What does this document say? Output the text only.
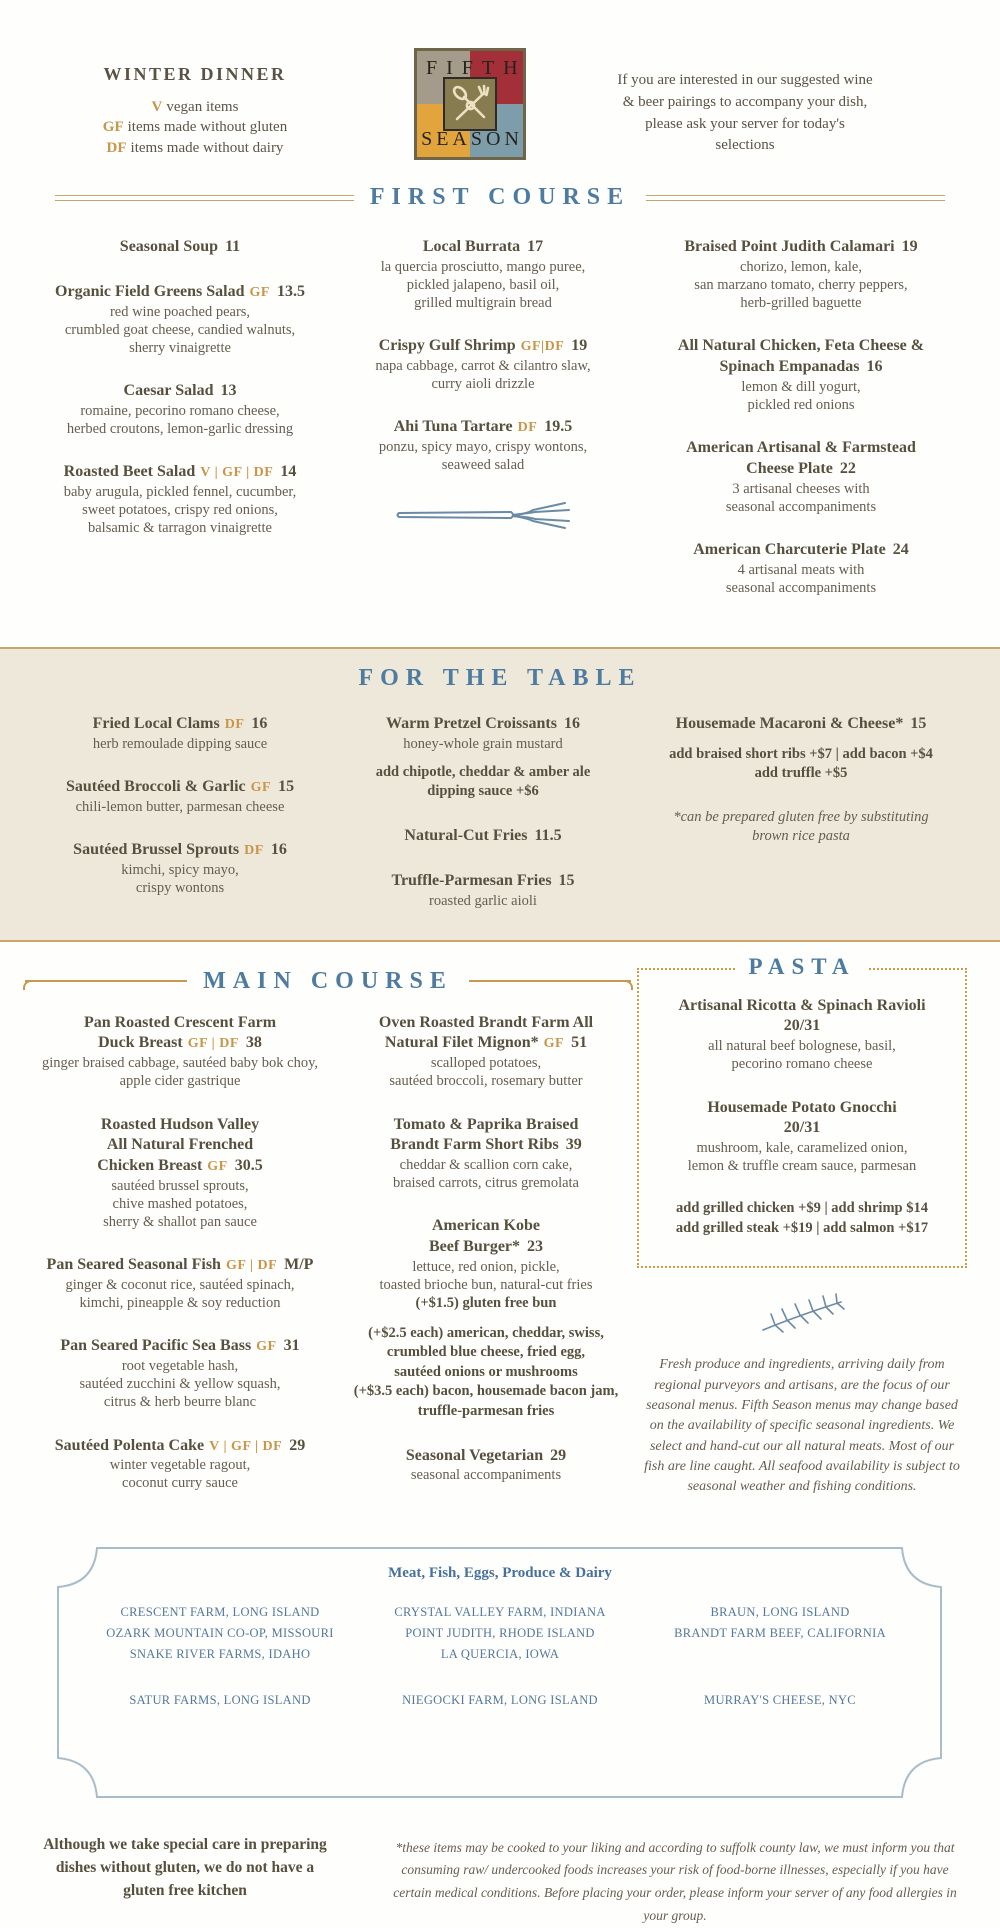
WINTER DINNER
V vegan items
GF items made without gluten
DF items made without dairy
FIFTH
SEASON
If you are interested in our suggested wine & beer pairings to accompany your dish, please ask your server for today's selections
FIRST COURSE
Seasonal Soup 11
Organic Field Greens Salad GF 13.5
red wine poached pears,
crumbled goat cheese, candied walnuts,
sherry vinaigrette
Caesar Salad 13
romaine, pecorino romano cheese,
herbed croutons, lemon-garlic dressing
Roasted Beet Salad V | GF | DF 14
baby arugula, pickled fennel, cucumber,
sweet potatoes, crispy red onions,
balsamic & tarragon vinaigrette
Local Burrata 17
la quercia prosciutto, mango puree,
pickled jalapeno, basil oil,
grilled multigrain bread
Crispy Gulf Shrimp GF|DF 19
napa cabbage, carrot & cilantro slaw,
curry aioli drizzle
Ahi Tuna Tartare DF 19.5
ponzu, spicy mayo, crispy wontons,
seaweed salad
Braised Point Judith Calamari 19
chorizo, lemon, kale,
san marzano tomato, cherry peppers,
herb-grilled baguette
All Natural Chicken, Feta Cheese &
Spinach Empanadas 16
lemon & dill yogurt,
pickled red onions
American Artisanal & Farmstead
Cheese Plate 22
3 artisanal cheeses with
seasonal accompaniments
American Charcuterie Plate 24
4 artisanal meats with
seasonal accompaniments
FOR THE TABLE
Fried Local Clams DF 16
herb remoulade dipping sauce
Sautéed Broccoli & Garlic GF 15
chili-lemon butter, parmesan cheese
Sautéed Brussel Sprouts DF 16
kimchi, spicy mayo,
crispy wontons
Warm Pretzel Croissants 16
honey-whole grain mustard
add chipotle, cheddar & amber ale
dipping sauce +$6
Natural-Cut Fries 11.5
Truffle-Parmesan Fries 15
roasted garlic aioli
Housemade Macaroni & Cheese* 15
add braised short ribs +$7 | add bacon +$4
add truffle +$5
*can be prepared gluten free by substituting
brown rice pasta
MAIN COURSE
Pan Roasted Crescent Farm
Duck Breast GF | DF 38
ginger braised cabbage, sautéed baby bok choy,
apple cider gastrique
Roasted Hudson Valley
All Natural Frenched
Chicken Breast GF 30.5
sautéed brussel sprouts,
chive mashed potatoes,
sherry & shallot pan sauce
Pan Seared Seasonal Fish GF | DF M/P
ginger & coconut rice, sautéed spinach,
kimchi, pineapple & soy reduction
Pan Seared Pacific Sea Bass GF 31
root vegetable hash,
sautéed zucchini & yellow squash,
citrus & herb beurre blanc
Sautéed Polenta Cake V | GF | DF 29
winter vegetable ragout,
coconut curry sauce
Oven Roasted Brandt Farm All
Natural Filet Mignon* GF 51
scalloped potatoes,
sautéed broccoli, rosemary butter
Tomato & Paprika Braised
Brandt Farm Short Ribs 39
cheddar & scallion corn cake,
braised carrots, citrus gremolata
American Kobe
Beef Burger* 23
lettuce, red onion, pickle,
toasted brioche bun, natural-cut fries
(+$1.5) gluten free bun
(+$2.5 each) american, cheddar, swiss,
crumbled blue cheese, fried egg,
sautéed onions or mushrooms
(+$3.5 each) bacon, housemade bacon jam,
truffle-parmesan fries
Seasonal Vegetarian 29
seasonal accompaniments
PASTA
Artisanal Ricotta & Spinach Ravioli
20/31
all natural beef bolognese, basil,
pecorino romano cheese
Housemade Potato Gnocchi
20/31
mushroom, kale, caramelized onion,
lemon & truffle cream sauce, parmesan
add grilled chicken +$9 | add shrimp $14
add grilled steak +$19 | add salmon +$17
Fresh produce and ingredients, arriving daily from regional purveyors and artisans, are the focus of our seasonal menus. Fifth Season menus may change based on the availability of specific seasonal ingredients. We select and hand-cut our all natural meats. Most of our fish are line caught. All seafood availability is subject to seasonal weather and fishing conditions.
Meat, Fish, Eggs, Produce & Dairy
CRESCENT FARM, LONG ISLAND
OZARK MOUNTAIN CO-OP, MISSOURI
SNAKE RIVER FARMS, IDAHO
SATUR FARMS, LONG ISLAND
CRYSTAL VALLEY FARM, INDIANA
POINT JUDITH, RHODE ISLAND
LA QUERCIA, IOWA
NIEGOCKI FARM, LONG ISLAND
BRAUN, LONG ISLAND
BRANDT FARM BEEF, CALIFORNIA
MURRAY'S CHEESE, NYC
Although we take special care in preparing dishes without gluten, we do not have a gluten free kitchen
*these items may be cooked to your liking and according to suffolk county law, we must inform you that consuming raw/ undercooked foods increases your risk of food-borne illnesses, especially if you have certain medical conditions. Before placing your order, please inform your server of any food allergies in your group.
